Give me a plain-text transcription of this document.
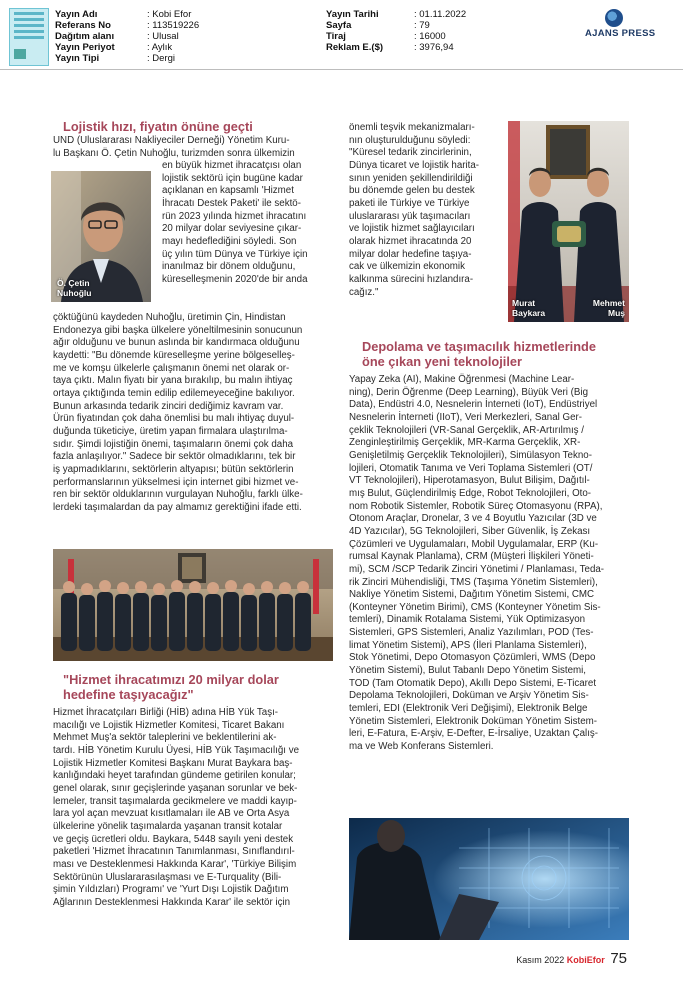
Yayın Adı	: Kobi Efor
Referans No	: 113519226
Dağıtım alanı	: Ulusal
Yayın Periyot	: Aylık
Yayın Tipi	: Dergi
Yayın Tarihi	: 01.11.2022
Sayfa	: 79
Tiraj	: 16000
Reklam E.($)	: 3976,94
AJANS PRESS
Lojistik hızı, fiyatın önüne geçti
Ö. Çetin
Nuhoğlu

UND (Uluslararası Nakliyeciler Derneği) Yönetim Kuru-

lu Başkanı Ö. Çetin Nuhoğlu, turizmden sonra ülkemizin

en büyük hizmet ihracatçısı olan

lojistik sektörü için bugüne kadar

açıklanan en kapsamlı 'Hizmet

İhracatı Destek Paketi' ile sektö-

rün 2023 yılında hizmet ihracatını

20 milyar dolar seviyesine çıkar-

mayı hedeflediğini söyledi. Son

üç yılın tüm Dünya ve Türkiye için

inanılmaz bir dönem olduğunu,

küreselleşmenin 2020'de bir anda

çöktüğünü kaydeden Nuhoğlu, üretimin Çin, Hindistan

Endonezya gibi başka ülkelere yöneltilmesinin sonucunun

ağır olduğunu ve bunun aslında bir kandırmaca olduğunu

kaydetti: "Bu dönemde küreselleşme yerine bölgeselleş-

me ve komşu ülkelerle çalışmanın önemi net olarak or-

taya çıktı. Malın fiyatı bir yana bırakılıp, bu malın ihtiyaç

ortaya çıktığında temin edilip edilemeyeceğine bakılıyor.

Bunun arkasında tedarik zinciri dediğimiz kavram var.

Ürün fiyatından çok daha önemlisi bu malı ihtiyaç duyul-

duğunda tüketiciye, üretim yapan firmalara ulaştırılma-

sıdır. Şimdi lojistiğin önemi, taşımaların önemi çok daha

fazla anlaşılıyor." Sadece bir sektör olmadıklarını, tek bir

iş yapmadıklarını, sektörlerin altyapısı; bütün sektörlerin

performanslarının yükselmesi için internet gibi hizmet ve-

ren bir sektör olduklarının vurgulayan Nuhoğlu, farklı ülke-

lerdeki taşımalardan da pay almamız gerektiğini ifade etti.

"Hizmet ihracatımızı 20 milyar dolar
hedefine taşıyacağız"

Hizmet İhracatçıları Birliği (HİB) adına HİB Yük Taşı-

macılığı ve Lojistik Hizmetler Komitesi, Ticaret Bakanı

Mehmet Muş'a sektör taleplerini ve beklentilerini ak-

tardı. HİB Yönetim Kurulu Üyesi, HİB Yük Taşımacılığı ve

Lojistik Hizmetler Komitesi Başkanı Murat Baykara baş-

kanlığındaki heyet tarafından gündeme getirilen konular;

genel olarak, sınır geçişlerinde yaşanan sorunlar ve bek-

lemeler, transit taşımalarda gecikmelere ve maddi kayıp-

lara yol açan mevzuat kısıtlamaları ile AB ve Orta Asya

ülkelerine yönelik taşımalarda yaşanan transit kotalar

ve geçiş ücretleri oldu. Baykara, 5448 sayılı yeni destek

paketleri 'Hizmet İhracatının Tanımlanması, Sınıflandırıl-

ması ve Desteklenmesi Hakkında Karar', 'Türkiye Bilişim

Sektörünün Uluslararasılaşması ve E-Turquality (Bili-

şimin Yıldızları) Programı' ve 'Yurt Dışı Lojistik Dağıtım

Ağlarının Desteklenmesi Hakkında Karar' ile sektör için

önemli teşvik mekanizmaları-

nın oluşturulduğunu söyledi:

"Küresel tedarik zincirlerinin,

Dünya ticaret ve lojistik harita-

sının yeniden şekillendirildiği

bu dönemde gelen bu destek

paketi ile Türkiye ve Türkiye

uluslararası yük taşımacıları

ve lojistik hizmet sağlayıcıları

olarak hizmet ihracatında 20

milyar dolar hedefine taşıya-

cak ve ülkemizin ekonomik

kalkınma sürecini hızlandıra-

cağız."

Murat
Baykara
Mehmet
Muş
Depolama ve taşımacılık hizmetlerinde
öne çıkan yeni teknolojiler

Yapay Zeka (AI), Makine Öğrenmesi (Machine Lear-

ning), Derin Öğrenme (Deep Learning), Büyük Veri (Big

Data), Endüstri 4.0, Nesnelerin İnterneti (IoT), Endüstriyel

Nesnelerin İnterneti (IIoT), Veri Merkezleri, Sanal Ger-

çeklik Teknolojileri (VR-Sanal Gerçeklik, AR-Artırılmış /

Zenginleştirilmiş Gerçeklik, MR-Karma Gerçeklik, XR-

Genişletilmiş Gerçeklik Teknolojileri), Simülasyon Tekno-

lojileri, Otomatik Tanıma ve Veri Toplama Sistemleri (OT/

VT Teknolojileri), Hiperotamasyon, Bulut Bilişim, Dağıtıl-

mış Bulut, Güçlendirilmiş Edge, Robot Teknolojileri, Oto-

nom Robotik Sistemler, Robotik Süreç Otomasyonu (RPA),

Otonom Araçlar, Dronelar, 3 ve 4 Boyutlu Yazıcılar (3D ve

4D Yazıcılar), 5G Teknolojileri, Siber Güvenlik, İş Zekası

Çözümleri ve Uygulamaları, Mobil Uygulamalar, ERP (Ku-

rumsal Kaynak Planlama), CRM (Müşteri İlişkileri Yöneti-

mi), SCM /SCP Tedarik Zinciri Yönetimi / Planlaması, Teda-

rik Zinciri Mühendisliği, TMS (Taşıma Yönetim Sistemleri),

Nakliye Yönetim Sistemi, Dağıtım Yönetim Sistemi, CMC

(Konteyner Yönetim Birimi), CMS (Konteyner Yönetim Sis-

temleri), Dinamik Rotalama Sistemi, Yük Optimizasyon

Sistemleri, GPS Sistemleri, Analiz Yazılımları, POD (Tes-

limat Yönetim Sistemi), APS (İleri Planlama Sistemleri),

Stok Yönetimi, Depo Otomasyon Çözümleri, WMS (Depo

Yönetim Sistemi), Bulut Tabanlı Depo Yönetim Sistemi,

TOD (Tam Otomatik Depo), Akıllı Depo Sistemi, E-Ticaret

Depolama Teknolojileri, Doküman ve Arşiv Yönetim Sis-

temleri, EDI (Elektronik Veri Değişimi), Elektronik Belge

Yönetim Sistemleri, Elektronik Doküman Yönetim Sistem-

leri, E-Fatura, E-Arşiv, E-Defter, E-İrsaliye, Uzaktan Çalış-

ma ve Web Konferans Sistemleri.

Kasım 2022 KobiEfor 75
